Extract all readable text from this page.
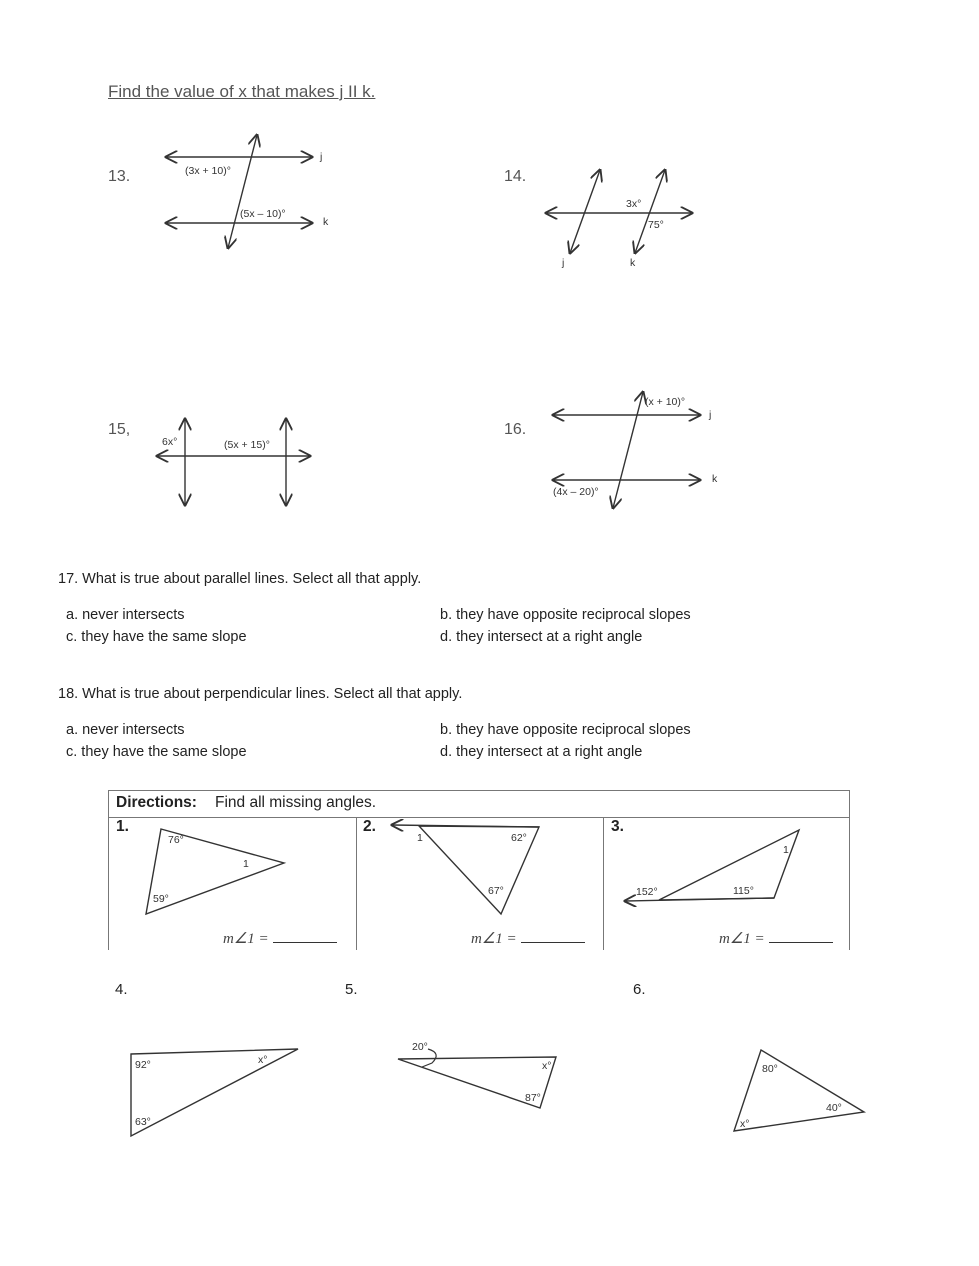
Find the value of x that makes j II k.
13.	(3x + 10)°
(5x – 10)°
j
k
14.
3x°
75°
j	k
15,
6x°	(5x + 15)°
16.
(x + 10)°
(4x – 20)°
j
k
17. What is true about parallel lines. Select all that apply.
a. never intersects	b. they have opposite reciprocal slopes
c. they have the same slope	d. they intersect at a right angle
18. What is true about perpendicular lines. Select all that apply.
a. never intersects	b. they have opposite reciprocal slopes
c. they have the same slope	d. they intersect at a right angle
Directions: Find all missing angles.
1.
76°
1
59°
m∠1 =
2.
1	62°
67°
m∠1 =
3.
1
152°	115°
m∠1 =
4.	5.	6.
92°	x°
63°
20°
x°
87°
80°
40°
x°
